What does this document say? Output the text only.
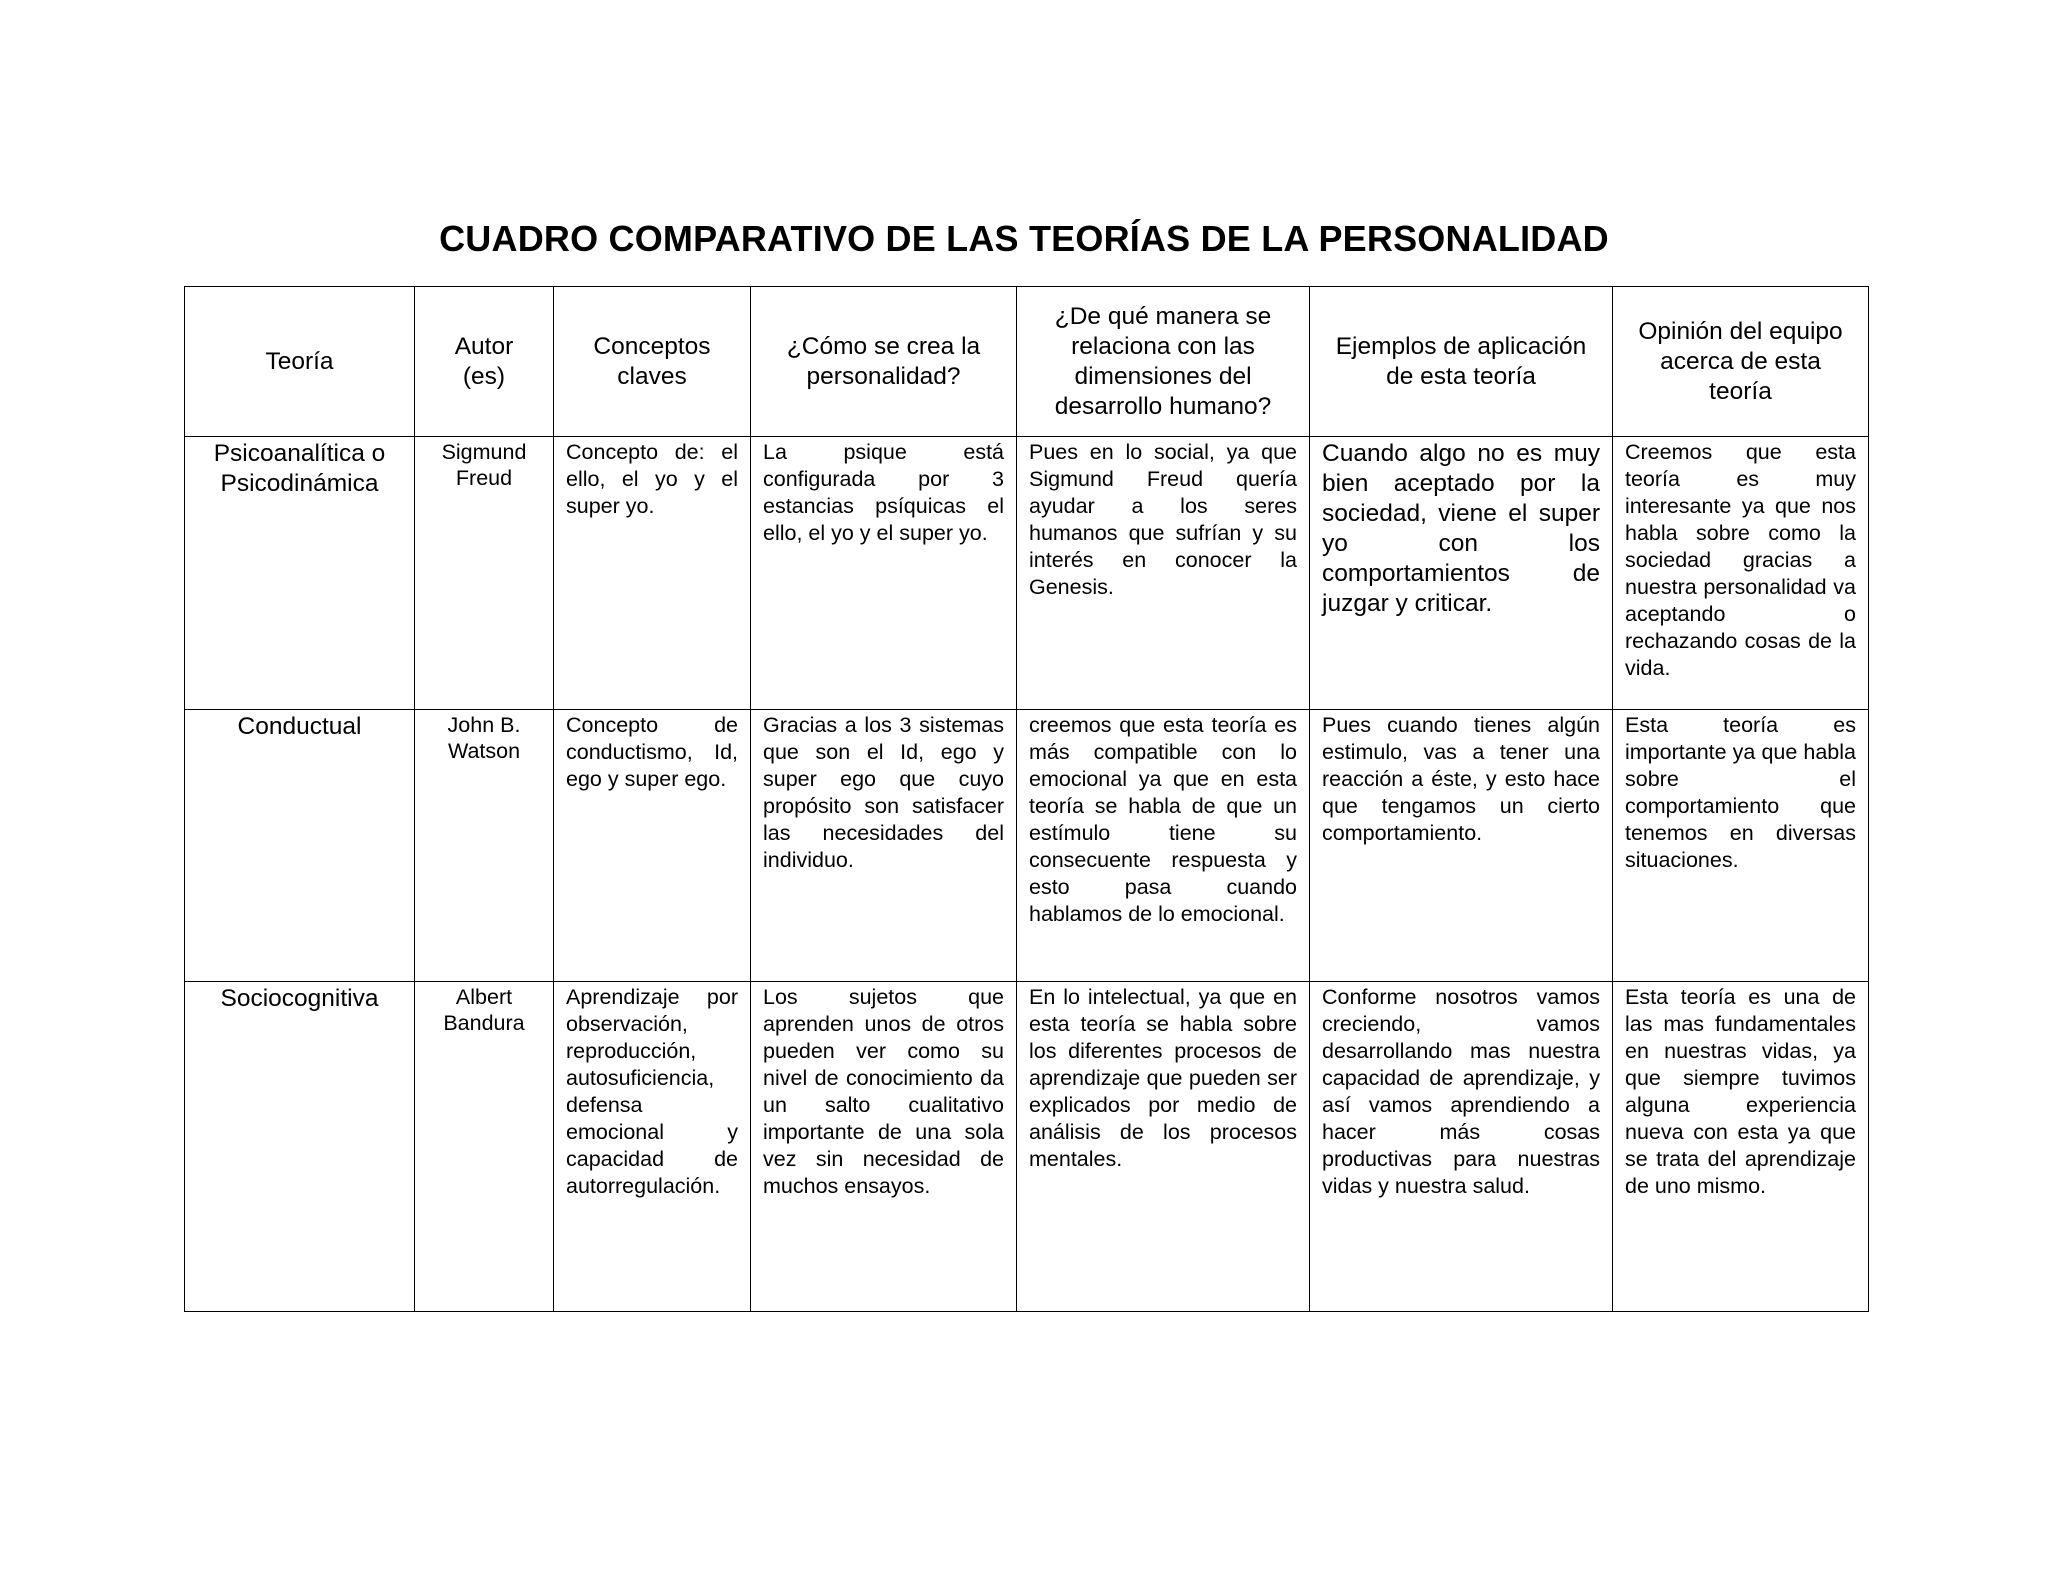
CUADRO COMPARATIVO DE LAS TEORÍAS DE LA PERSONALIDAD
Teoría	Autor (es)	Conceptos claves	¿Cómo se crea la personalidad?	¿De qué manera se relaciona con las dimensiones del desarrollo humano?	Ejemplos de aplicación de esta teoría	Opinión del equipo acerca de esta teoría
Psicoanalítica o Psicodinámica	Sigmund Freud	Concepto de: el ello, el yo y el super yo.	La psique está configurada por 3 estancias psíquicas el ello, el yo y el super yo.	Pues en lo social, ya que Sigmund Freud quería ayudar a los seres humanos que sufrían y su interés en conocer la Genesis.	Cuando algo no es muy bien aceptado por la sociedad, viene el super yo con los comportamientos de juzgar y criticar.	Creemos que esta teoría es muy interesante ya que nos habla sobre como la sociedad gracias a nuestra personalidad va aceptando o rechazando cosas de la vida.
Conductual	John B. Watson	Concepto de conductismo, Id, ego y super ego.	Gracias a los 3 sistemas que son el Id, ego y super ego que cuyo propósito son satisfacer las necesidades del individuo.	creemos que esta teoría es más compatible con lo emocional ya que en esta teoría se habla de que un estímulo tiene su consecuente respuesta y esto pasa cuando hablamos de lo emocional.	Pues cuando tienes algún estimulo, vas a tener una reacción a éste, y esto hace que tengamos un cierto comportamiento.	Esta teoría es importante ya que habla sobre el comportamiento que tenemos en diversas situaciones.
Sociocognitiva	Albert Bandura	Aprendizaje por observación, reproducción, autosuficiencia, defensa emocional y capacidad de autorregulación.	Los sujetos que aprenden unos de otros pueden ver como su nivel de conocimiento da un salto cualitativo importante de una sola vez sin necesidad de muchos ensayos.	En lo intelectual, ya que en esta teoría se habla sobre los diferentes procesos de aprendizaje que pueden ser explicados por medio de análisis de los procesos mentales.	Conforme nosotros vamos creciendo, vamos desarrollando mas nuestra capacidad de aprendizaje, y así vamos aprendiendo a hacer más cosas productivas para nuestras vidas y nuestra salud.	Esta teoría es una de las mas fundamentales en nuestras vidas, ya que siempre tuvimos alguna experiencia nueva con esta ya que se trata del aprendizaje de uno mismo.
